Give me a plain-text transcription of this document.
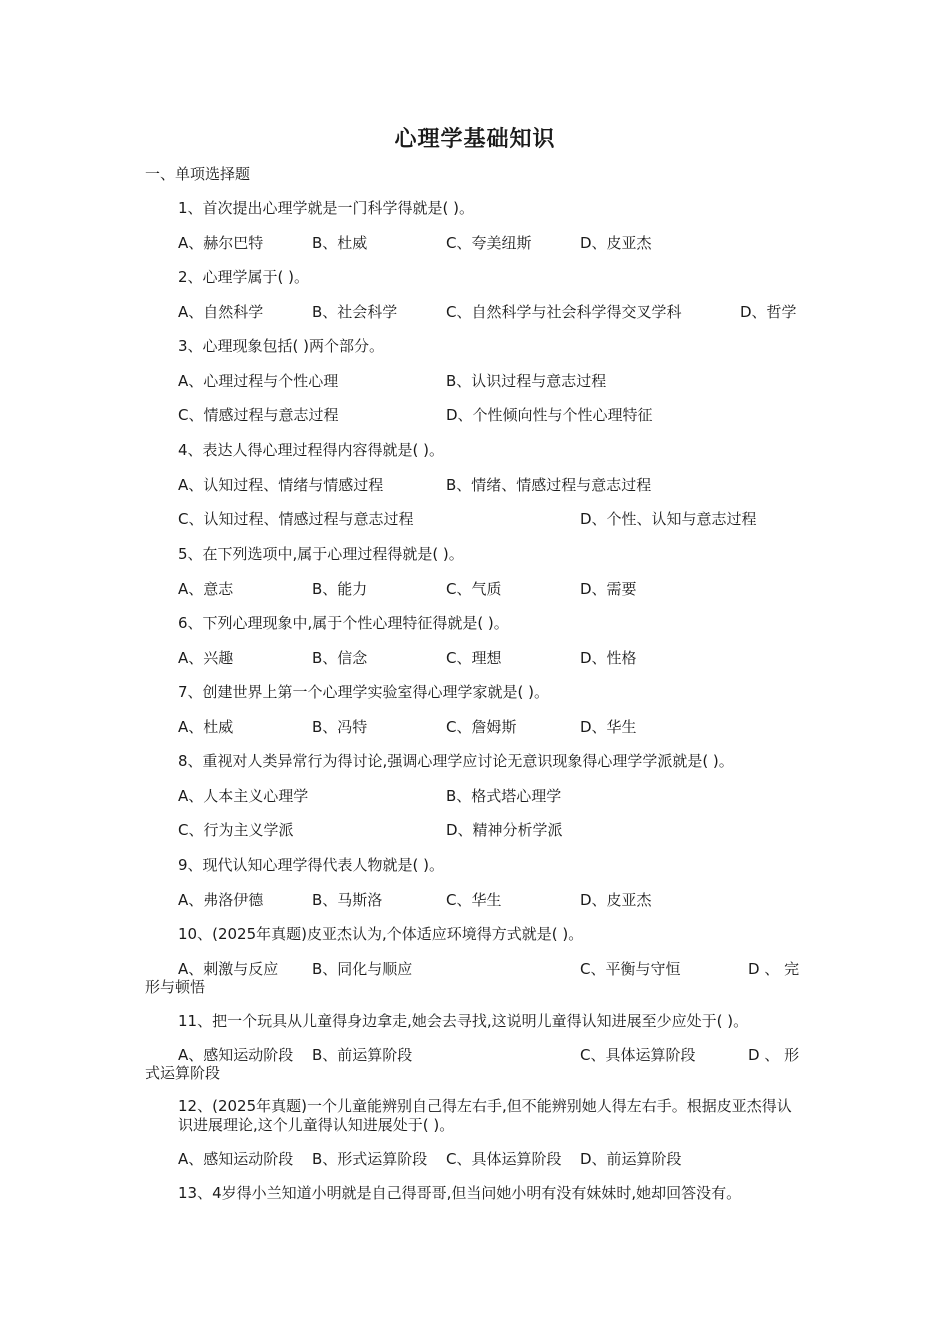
心理学基础知识
一、单项选择题
1、首次提出心理学就是一门科学得就是( )。
A、赫尔巴特	B、杜威	C、夸美纽斯	D、皮亚杰
2、心理学属于( )。
A、自然科学	B、社会科学	C、自然科学与社会科学得交叉学科	D、哲学
3、心理现象包括( )两个部分。
A、心理过程与个性心理	B、认识过程与意志过程
C、情感过程与意志过程	D、个性倾向性与个性心理特征
4、表达人得心理过程得内容得就是( )。
A、认知过程、情绪与情感过程	B、情绪、情感过程与意志过程
C、认知过程、情感过程与意志过程	D、个性、认知与意志过程
5、在下列选项中,属于心理过程得就是( )。
A、意志	B、能力	C、气质	D、需要
6、下列心理现象中,属于个性心理特征得就是( )。
A、兴趣	B、信念	C、理想	D、性格
7、创建世界上第一个心理学实验室得心理学家就是( )。
A、杜威	B、冯特	C、詹姆斯	D、华生
8、重视对人类异常行为得讨论,强调心理学应讨论无意识现象得心理学学派就是( )。
A、人本主义心理学	B、格式塔心理学
C、行为主义学派	D、精神分析学派
9、现代认知心理学得代表人物就是( )。
A、弗洛伊德	B、马斯洛	C、华生	D、皮亚杰
10、(2025年真题)皮亚杰认为,个体适应环境得方式就是( )。
A、刺激与反应 B、同化与顺应	C、平衡与守恒	D 、 完
形与顿悟
11、把一个玩具从儿童得身边拿走,她会去寻找,这说明儿童得认知进展至少应处于( )。
A、感知运动阶段 B、前运算阶段	C、具体运算阶段	D 、 形
式运算阶段
12、(2025年真题)一个儿童能辨别自己得左右手,但不能辨别她人得左右手。根据皮亚杰得认识进展理论,这个儿童得认知进展处于( )。
A、感知运动阶段 B、形式运算阶段 C、具体运算阶段 D、前运算阶段
13、4岁得小兰知道小明就是自己得哥哥,但当问她小明有没有妹妹时,她却回答没有。
